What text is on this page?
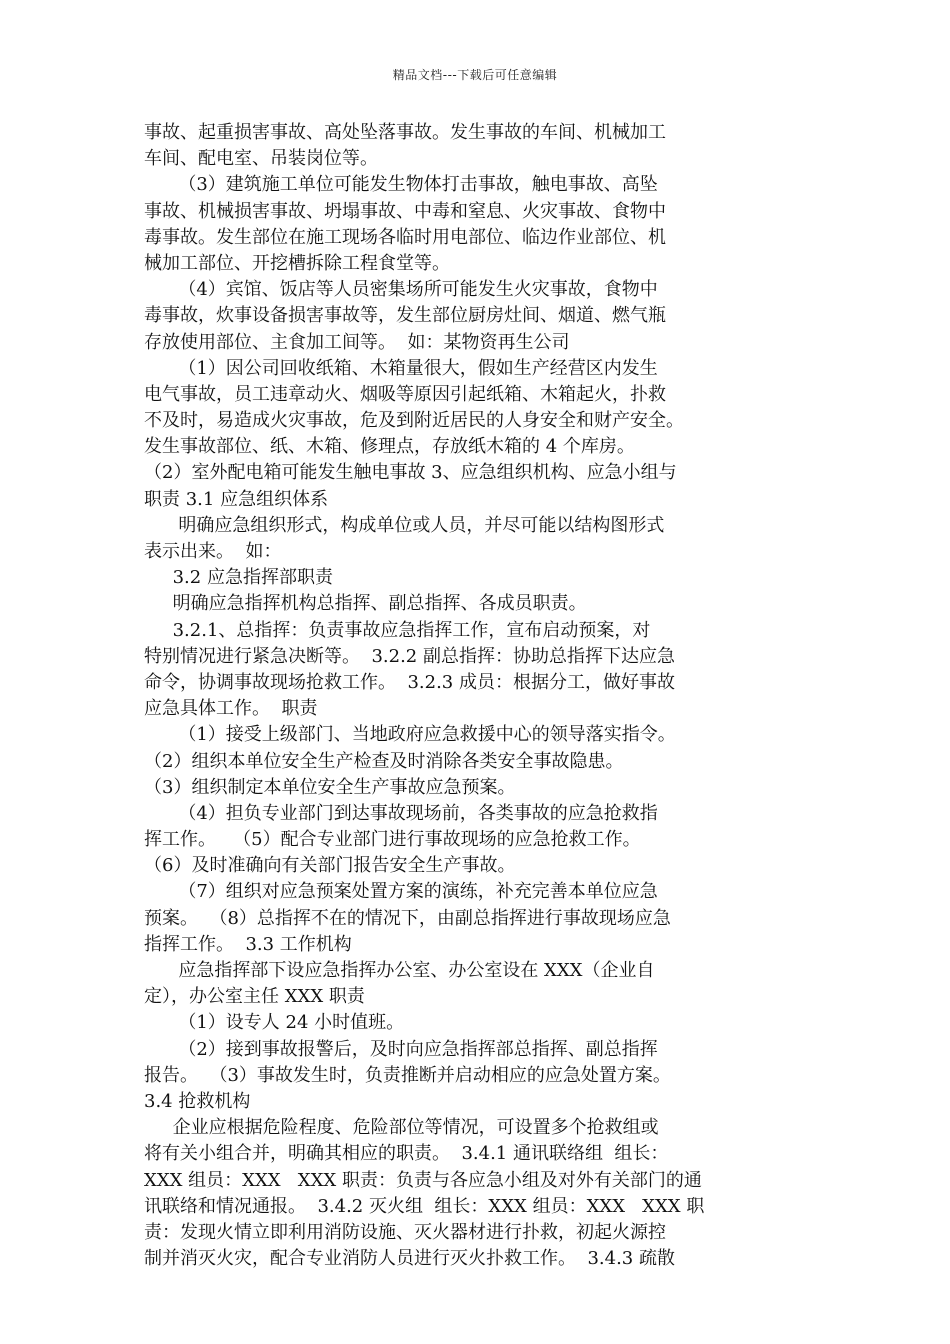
精品文档---下载后可任意编辑
事故、起重损害事故、高处坠落事故。发生事故的车间、机械加工
车间、配电室、吊装岗位等。
（3）建筑施工单位可能发生物体打击事故，触电事故、高坠
事故、机械损害事故、坍塌事故、中毒和窒息、火灾事故、食物中
毒事故。发生部位在施工现场各临时用电部位、临边作业部位、机
械加工部位、开挖槽拆除工程食堂等。
（4）宾馆、饭店等人员密集场所可能发生火灾事故，食物中
毒事故，炊事设备损害事故等，发生部位厨房灶间、烟道、燃气瓶
存放使用部位、主食加工间等。  如：某物资再生公司
（1）因公司回收纸箱、木箱量很大，假如生产经营区内发生
电气事故，员工违章动火、烟吸等原因引起纸箱、木箱起火，扑救
不及时，易造成火灾事故，危及到附近居民的人身安全和财产安全。
发生事故部位、纸、木箱、修理点，存放纸木箱的 4 个库房。
（2）室外配电箱可能发生触电事故 3、应急组织机构、应急小组与
职责 3.1 应急组织体系
明确应急组织形式，构成单位或人员，并尽可能以结构图形式
表示出来。  如：
3.2 应急指挥部职责
明确应急指挥机构总指挥、副总指挥、各成员职责。
3.2.1、总指挥：负责事故应急指挥工作，宣布启动预案，对
特别情况进行紧急决断等。  3.2.2 副总指挥：协助总指挥下达应急
命令，协调事故现场抢救工作。  3.2.3 成员：根据分工，做好事故
应急具体工作。  职责
（1）接受上级部门、当地政府应急救援中心的领导落实指令。
（2）组织本单位安全生产检查及时消除各类安全事故隐患。
（3）组织制定本单位安全生产事故应急预案。
（4）担负专业部门到达事故现场前，各类事故的应急抢救指
挥工作。   （5）配合专业部门进行事故现场的应急抢救工作。
（6）及时准确向有关部门报告安全生产事故。
（7）组织对应急预案处置方案的演练，补充完善本单位应急
预案。  （8）总指挥不在的情况下，由副总指挥进行事故现场应急
指挥工作。  3.3 工作机构
应急指挥部下设应急指挥办公室、办公室设在 XXX（企业自
定），办公室主任 XXX 职责
（1）设专人 24 小时值班。
（2）接到事故报警后，及时向应急指挥部总指挥、副总指挥
报告。  （3）事故发生时，负责推断并启动相应的应急处置方案。
3.4 抢救机构
企业应根据危险程度、危险部位等情况，可设置多个抢救组或
将有关小组合并，明确其相应的职责。  3.4.1 通讯联络组  组长：
XXX 组员：XXX   XXX 职责：负责与各应急小组及对外有关部门的通
讯联络和情况通报。  3.4.2 灭火组  组长：XXX 组员：XXX   XXX 职
责：发现火情立即利用消防设施、灭火器材进行扑救，初起火源控
制并消灭火灾，配合专业消防人员进行灭火扑救工作。  3.4.3 疏散
